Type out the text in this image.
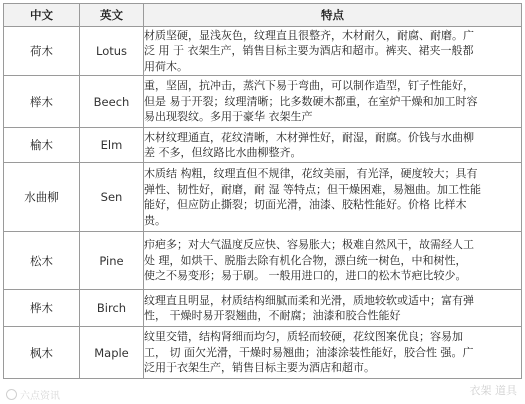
中文	英文	特点
荷木	Lotus	材质坚硬，显浅灰色，纹理直且很整齐，木材耐久，耐腐、耐磨。广
泛 用 于 衣架生产，销售目标主要为酒店和超市。裤夹、裙夹一般都
用荷木。

榉木	Beech	重，坚固，抗冲击，蒸汽下易于弯曲，可以制作造型，钉子性能好，
但是 易于开裂；纹理清晰；比多数硬木都重，在室炉干燥和加工时容
易出现裂纹。多用于豪华 衣架生产

榆木	Elm	木材纹理通直，花纹清晰，木材弹性好，耐湿，耐腐。价钱与水曲柳
差 不多，但纹路比水曲柳整齐。

水曲柳	Sen	木质结 构粗，纹理直但不规律，花纹美丽，有光泽，硬度较大；具有
弹性、韧性好，耐磨，耐 湿 等特点；但干燥困难，易翘曲。加工性能
能好，但应防止撕裂；切面光滑，油漆、胶粘性能好。价格 比样木
贵。

松木	Pine	疖疤多；对大气温度反应快、容易胀大；极难自然风干，故需经人工
处 理，如烘干、脱脂去除有机化合物，漂白统一树色，中和树性，
使之不易变形；易于刷。 一般用进口的，进口的松木节疤比较少。

桦木	Birch	纹理直且明显，材质结构细腻而柔和光滑，质地较软或适中；富有弹
性， 干燥时易开裂翘曲，不耐腐；油漆和胶合性能好

枫木	Maple	纹里交错，结构肾细而均匀，质轻而较硬，花纹图案优良；容易加
工， 切 面欠光滑，干燥时易翘曲；油漆涂装性能好，胶合性 强。广
泛用于衣架生产，销售目标主要为酒店和超市。
六点资讯	衣架 道具
